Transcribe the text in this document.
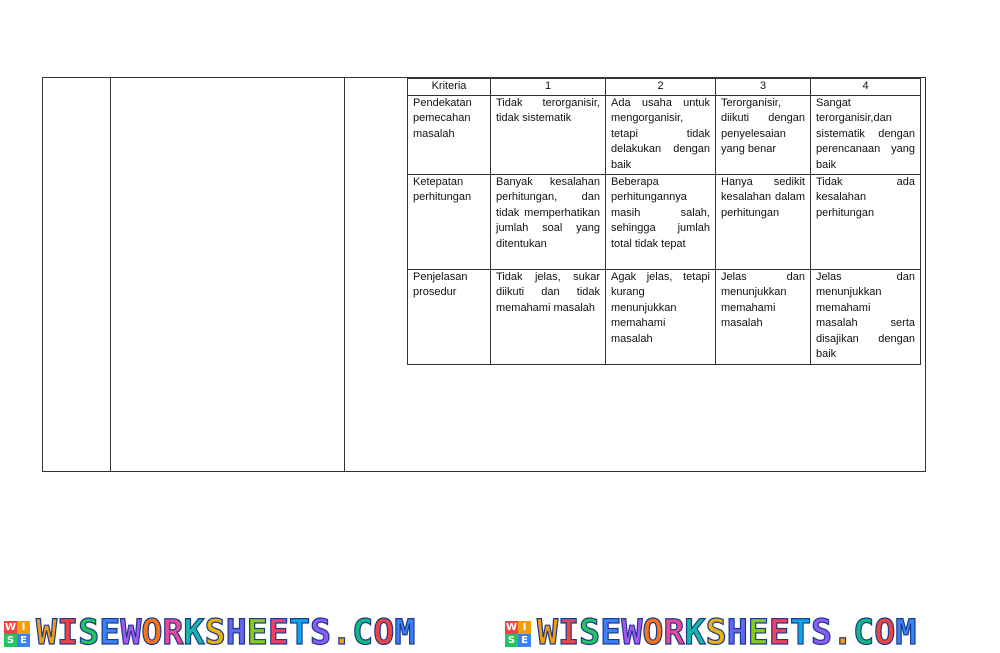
Kriteria	1	2	3	4
Pendekatan pemecahan masalah	Tidak terorganisir, tidak sistematik	Ada usaha untuk mengorganisir, tetapi tidak delakukan dengan baik	Terorganisir, diikuti dengan penyelesaian yang benar	Sangat terorganisir,dan sistematik dengan perencanaan yang baik
Ketepatan perhitungan	Banyak kesalahan perhitungan, dan tidak memperhatikan jumlah soal yang ditentukan	Beberapa perhitungannya masih salah, sehingga jumlah total tidak tepat	Hanya sedikit kesalahan dalam perhitungan	Tidak ada kesalahan perhitungan
Penjelasan prosedur	Tidak jelas, sukar diikuti dan tidak memahami masalah	Agak jelas, tetapi kurang menunjukkan memahami masalah	Jelas dan menunjukkan memahami masalah	Jelas dan menunjukkan memahami masalah serta disajikan dengan baik
W I
S E WISEWORKSHEETS.COM	W I
S E WISEWORKSHEETS.COM
